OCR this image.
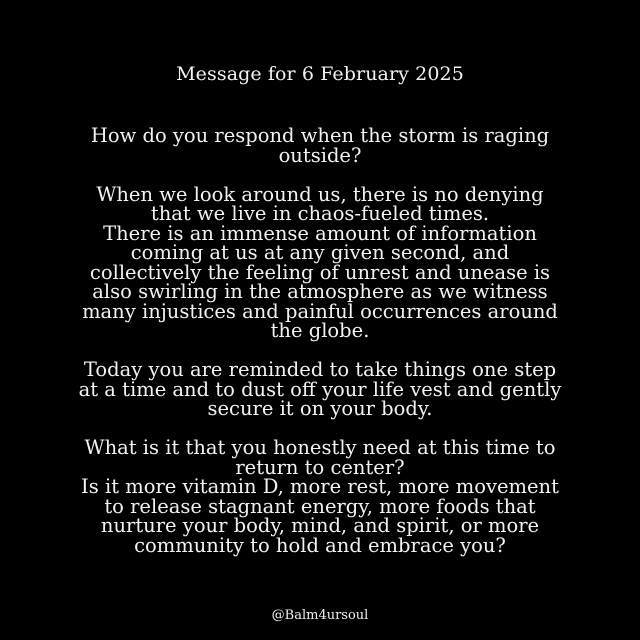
Message for 6 February 2025

How do you respond when the storm is raging
outside?
When we look around us, there is no denying
that we live in chaos-fueled times.
There is an immense amount of information
coming at us at any given second, and
collectively the feeling of unrest and unease is
also swirling in the atmosphere as we witness
many injustices and painful occurrences around
the globe.
Today you are reminded to take things one step
at a time and to dust off your life vest and gently
secure it on your body.
What is it that you honestly need at this time to
return to center?
Is it more vitamin D, more rest, more movement
to release stagnant energy, more foods that
nurture your body, mind, and spirit, or more
community to hold and embrace you?

@Balm4ursoul
